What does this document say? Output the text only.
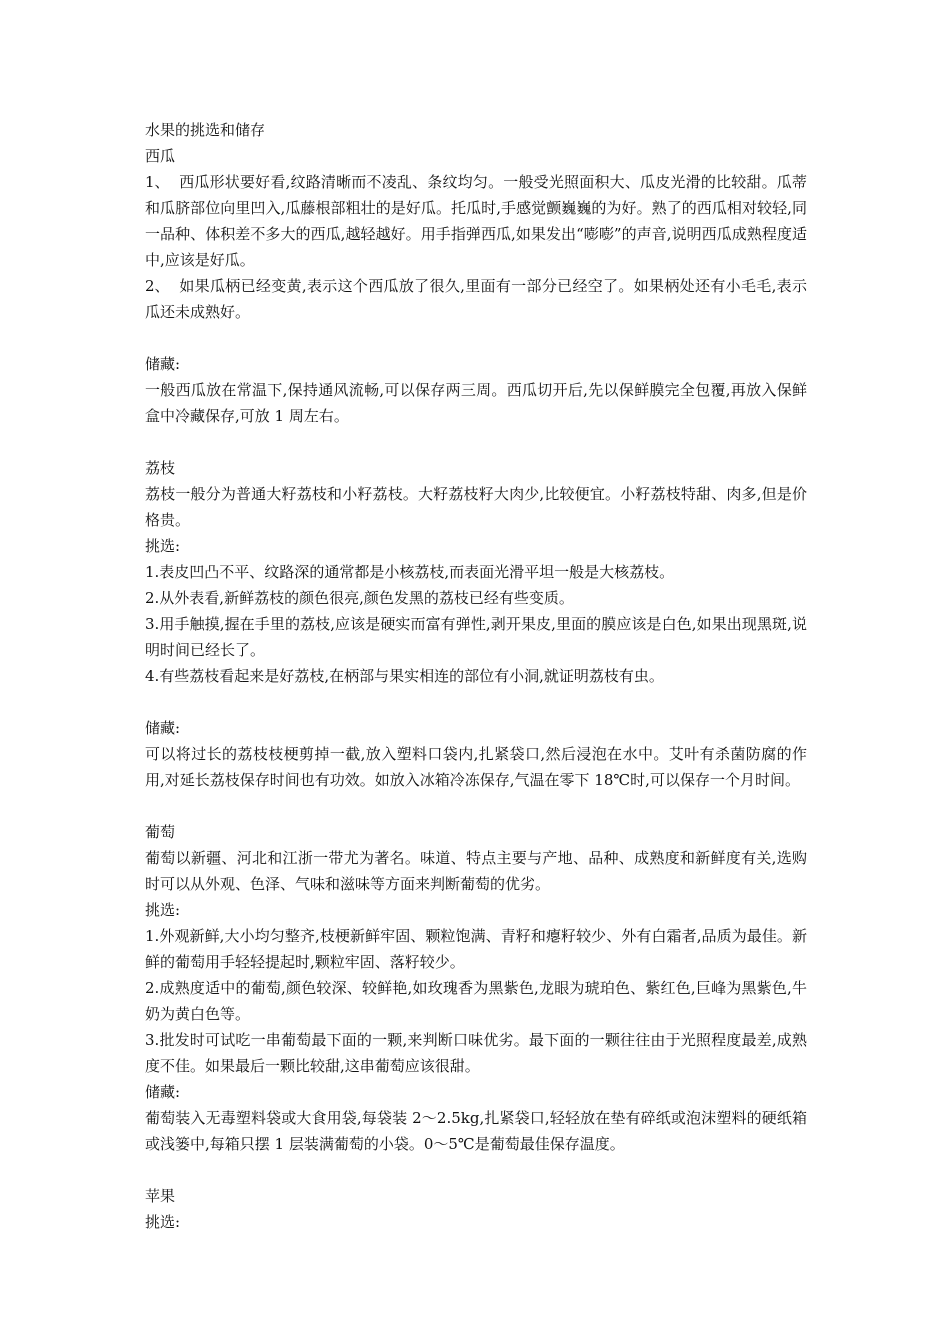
水果的挑选和储存

西瓜

1、 西瓜形状要好看,纹路清晰而不凌乱、条纹均匀。一般受光照面积大、瓜皮光滑的比较甜。瓜蒂和瓜脐部位向里凹入,瓜藤根部粗壮的是好瓜。托瓜时,手感觉颤巍巍的为好。熟了的西瓜相对较轻,同一品种、体积差不多大的西瓜,越轻越好。用手指弹西瓜,如果发出“嘭嘭”的声音,说明西瓜成熟程度适中,应该是好瓜。

2、 如果瓜柄已经变黄,表示这个西瓜放了很久,里面有一部分已经空了。如果柄处还有小毛毛,表示瓜还未成熟好。

储藏:

一般西瓜放在常温下,保持通风流畅,可以保存两三周。西瓜切开后,先以保鲜膜完全包覆,再放入保鲜盒中冷藏保存,可放 1 周左右。

荔枝

荔枝一般分为普通大籽荔枝和小籽荔枝。大籽荔枝籽大肉少,比较便宜。小籽荔枝特甜、肉多,但是价格贵。

挑选:

1.表皮凹凸不平、纹路深的通常都是小核荔枝,而表面光滑平坦一般是大核荔枝。

2.从外表看,新鲜荔枝的颜色很亮,颜色发黑的荔枝已经有些变质。

3.用手触摸,握在手里的荔枝,应该是硬实而富有弹性,剥开果皮,里面的膜应该是白色,如果出现黑斑,说明时间已经长了。

4.有些荔枝看起来是好荔枝,在柄部与果实相连的部位有小洞,就证明荔枝有虫。

储藏:

可以将过长的荔枝枝梗剪掉一截,放入塑料口袋内,扎紧袋口,然后浸泡在水中。艾叶有杀菌防腐的作用,对延长荔枝保存时间也有功效。如放入冰箱冷冻保存,气温在零下 18℃时,可以保存一个月时间。

葡萄

葡萄以新疆、河北和江浙一带尤为著名。味道、特点主要与产地、品种、成熟度和新鲜度有关,选购时可以从外观、色泽、气味和滋味等方面来判断葡萄的优劣。

挑选:

1.外观新鲜,大小均匀整齐,枝梗新鲜牢固、颗粒饱满、青籽和瘪籽较少、外有白霜者,品质为最佳。新鲜的葡萄用手轻轻提起时,颗粒牢固、落籽较少。

2.成熟度适中的葡萄,颜色较深、较鲜艳,如玫瑰香为黑紫色,龙眼为琥珀色、紫红色,巨峰为黑紫色,牛奶为黄白色等。

3.批发时可试吃一串葡萄最下面的一颗,来判断口味优劣。最下面的一颗往往由于光照程度最差,成熟度不佳。如果最后一颗比较甜,这串葡萄应该很甜。

储藏:

葡萄装入无毒塑料袋或大食用袋,每袋装 2～2.5kg,扎紧袋口,轻轻放在垫有碎纸或泡沫塑料的硬纸箱或浅篓中,每箱只摆 1 层装满葡萄的小袋。0～5℃是葡萄最佳保存温度。

苹果

挑选:
